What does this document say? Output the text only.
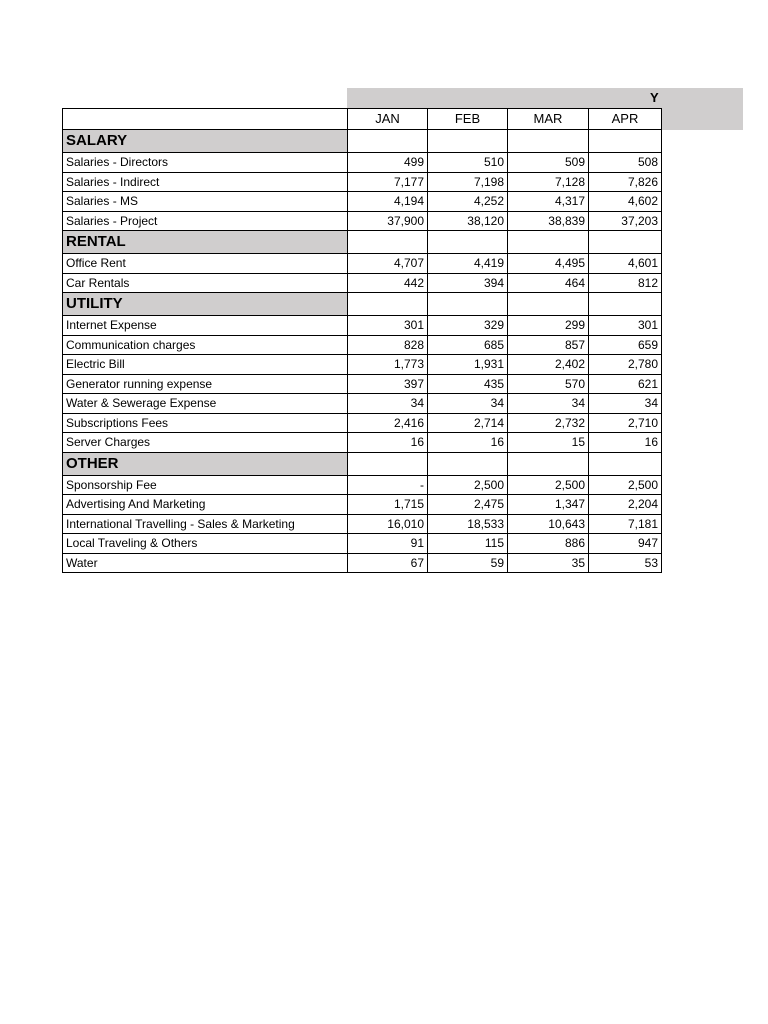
Y
	JAN	FEB	MAR	APR
SALARY				
Salaries - Directors	499	510	509	508
Salaries - Indirect	7,177	7,198	7,128	7,826
Salaries - MS	4,194	4,252	4,317	4,602
Salaries - Project	37,900	38,120	38,839	37,203
RENTAL				
Office Rent	4,707	4,419	4,495	4,601
Car Rentals	442	394	464	812
UTILITY				
Internet Expense	301	329	299	301
Communication charges	828	685	857	659
Electric Bill	1,773	1,931	2,402	2,780
Generator running expense	397	435	570	621
Water & Sewerage Expense	34	34	34	34
Subscriptions Fees	2,416	2,714	2,732	2,710
Server Charges	16	16	15	16
OTHER				
Sponsorship Fee	-	2,500	2,500	2,500
Advertising And Marketing	1,715	2,475	1,347	2,204
International Travelling - Sales & Marketing	16,010	18,533	10,643	7,181
Local Traveling & Others	91	115	886	947
Water	67	59	35	53
